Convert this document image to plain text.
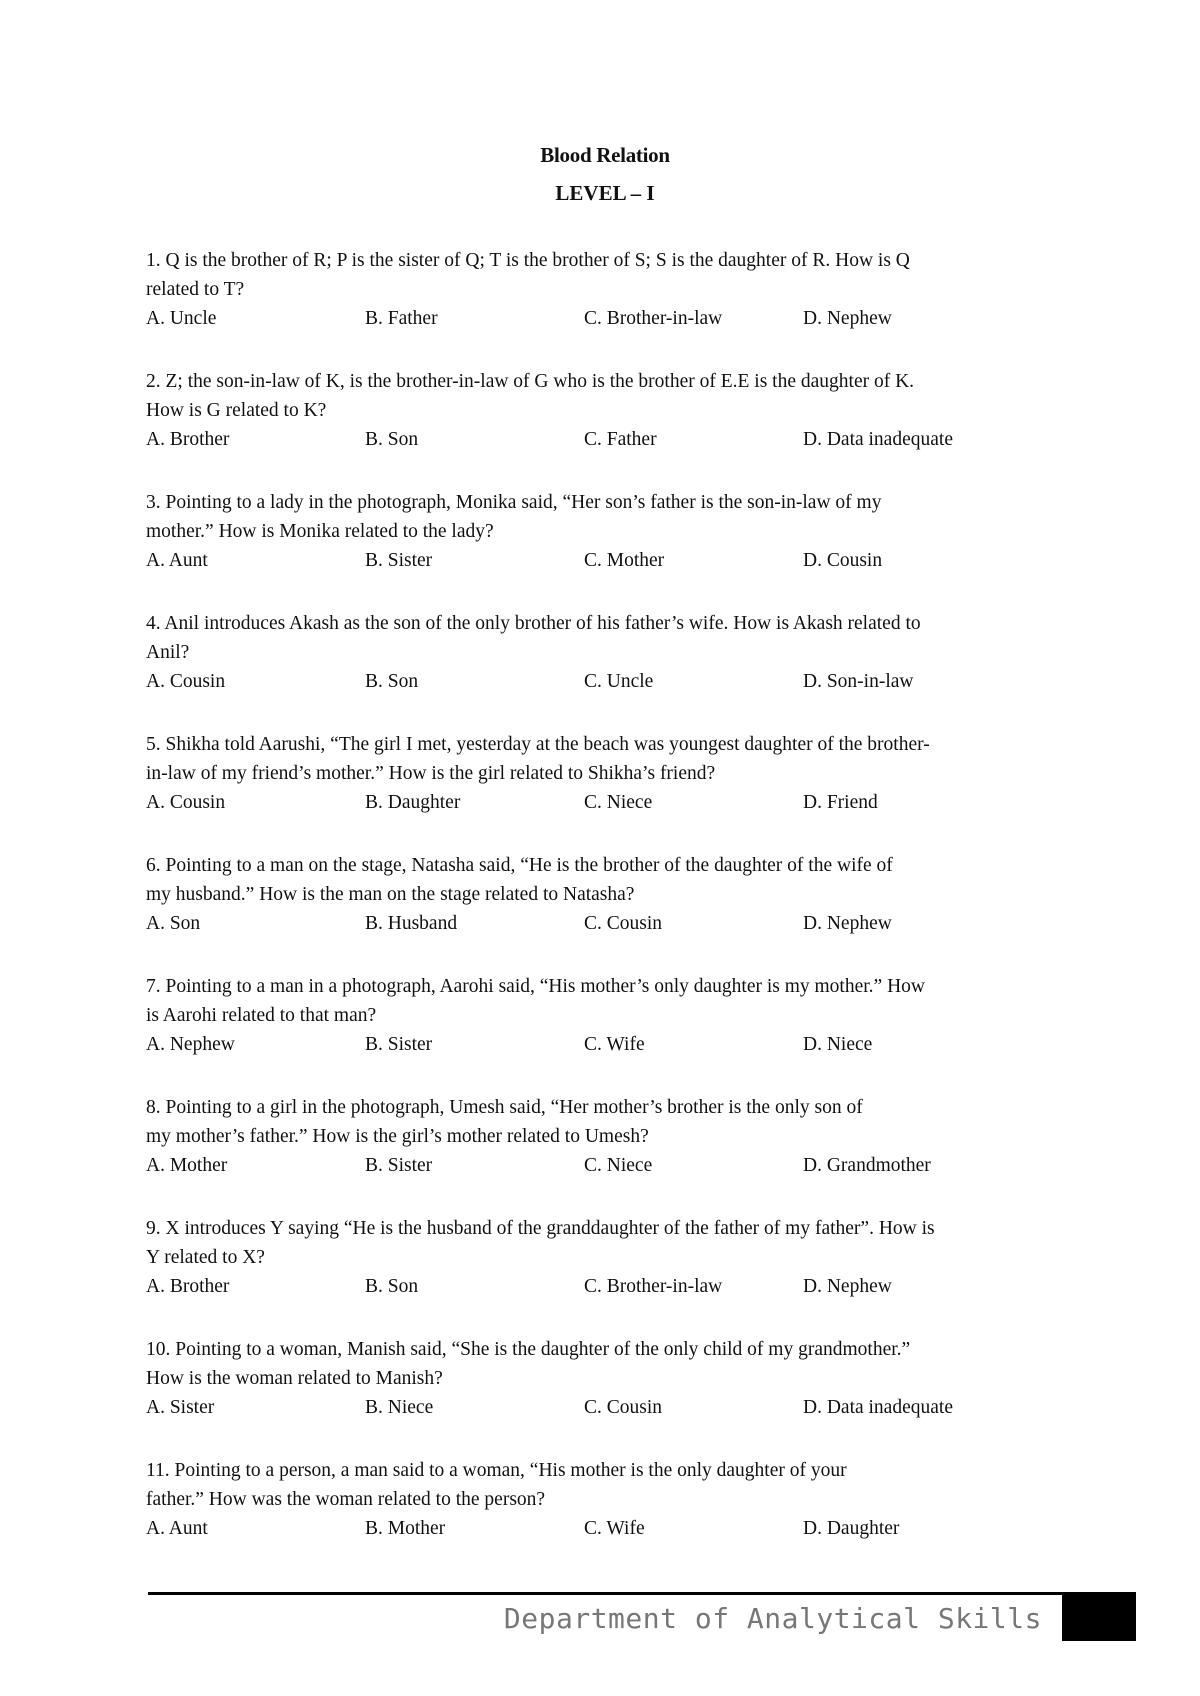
Blood Relation
LEVEL – I
1. Q is the brother of R; P is the sister of Q; T is the brother of S; S is the daughter of R. How is Q
related to T?
A. Uncle	B. Father	C. Brother-in-law	D. Nephew
2. Z; the son-in-law of K, is the brother-in-law of G who is the brother of E.E is the daughter of K.
How is G related to K?
A. Brother	B. Son	C. Father	D. Data inadequate
3. Pointing to a lady in the photograph, Monika said, “Her son’s father is the son-in-law of my
mother.” How is Monika related to the lady?
A. Aunt	B. Sister	C. Mother	D. Cousin
4. Anil introduces Akash as the son of the only brother of his father’s wife. How is Akash related to
Anil?
A. Cousin	B. Son	C. Uncle	D. Son-in-law
5. Shikha told Aarushi, “The girl I met, yesterday at the beach was youngest daughter of the brother-
in-law of my friend’s mother.” How is the girl related to Shikha’s friend?
A. Cousin	B. Daughter	C. Niece	D. Friend
6. Pointing to a man on the stage, Natasha said, “He is the brother of the daughter of the wife of
my husband.” How is the man on the stage related to Natasha?
A. Son	B. Husband	C. Cousin	D. Nephew
7. Pointing to a man in a photograph, Aarohi said, “His mother’s only daughter is my mother.” How
is Aarohi related to that man?
A. Nephew	B. Sister	C. Wife	D. Niece
8. Pointing to a girl in the photograph, Umesh said, “Her mother’s brother is the only son of
my mother’s father.” How is the girl’s mother related to Umesh?
A. Mother	B. Sister	C. Niece	D. Grandmother
9. X introduces Y saying “He is the husband of the granddaughter of the father of my father”. How is
Y related to X?
A. Brother	B. Son	C. Brother-in-law	D. Nephew
10. Pointing to a woman, Manish said, “She is the daughter of the only child of my grandmother.”
How is the woman related to Manish?
A. Sister	B. Niece	C. Cousin	D. Data inadequate
11. Pointing to a person, a man said to a woman, “His mother is the only daughter of your
father.” How was the woman related to the person?
A. Aunt	B. Mother	C. Wife	D. Daughter
Department of Analytical Skills
